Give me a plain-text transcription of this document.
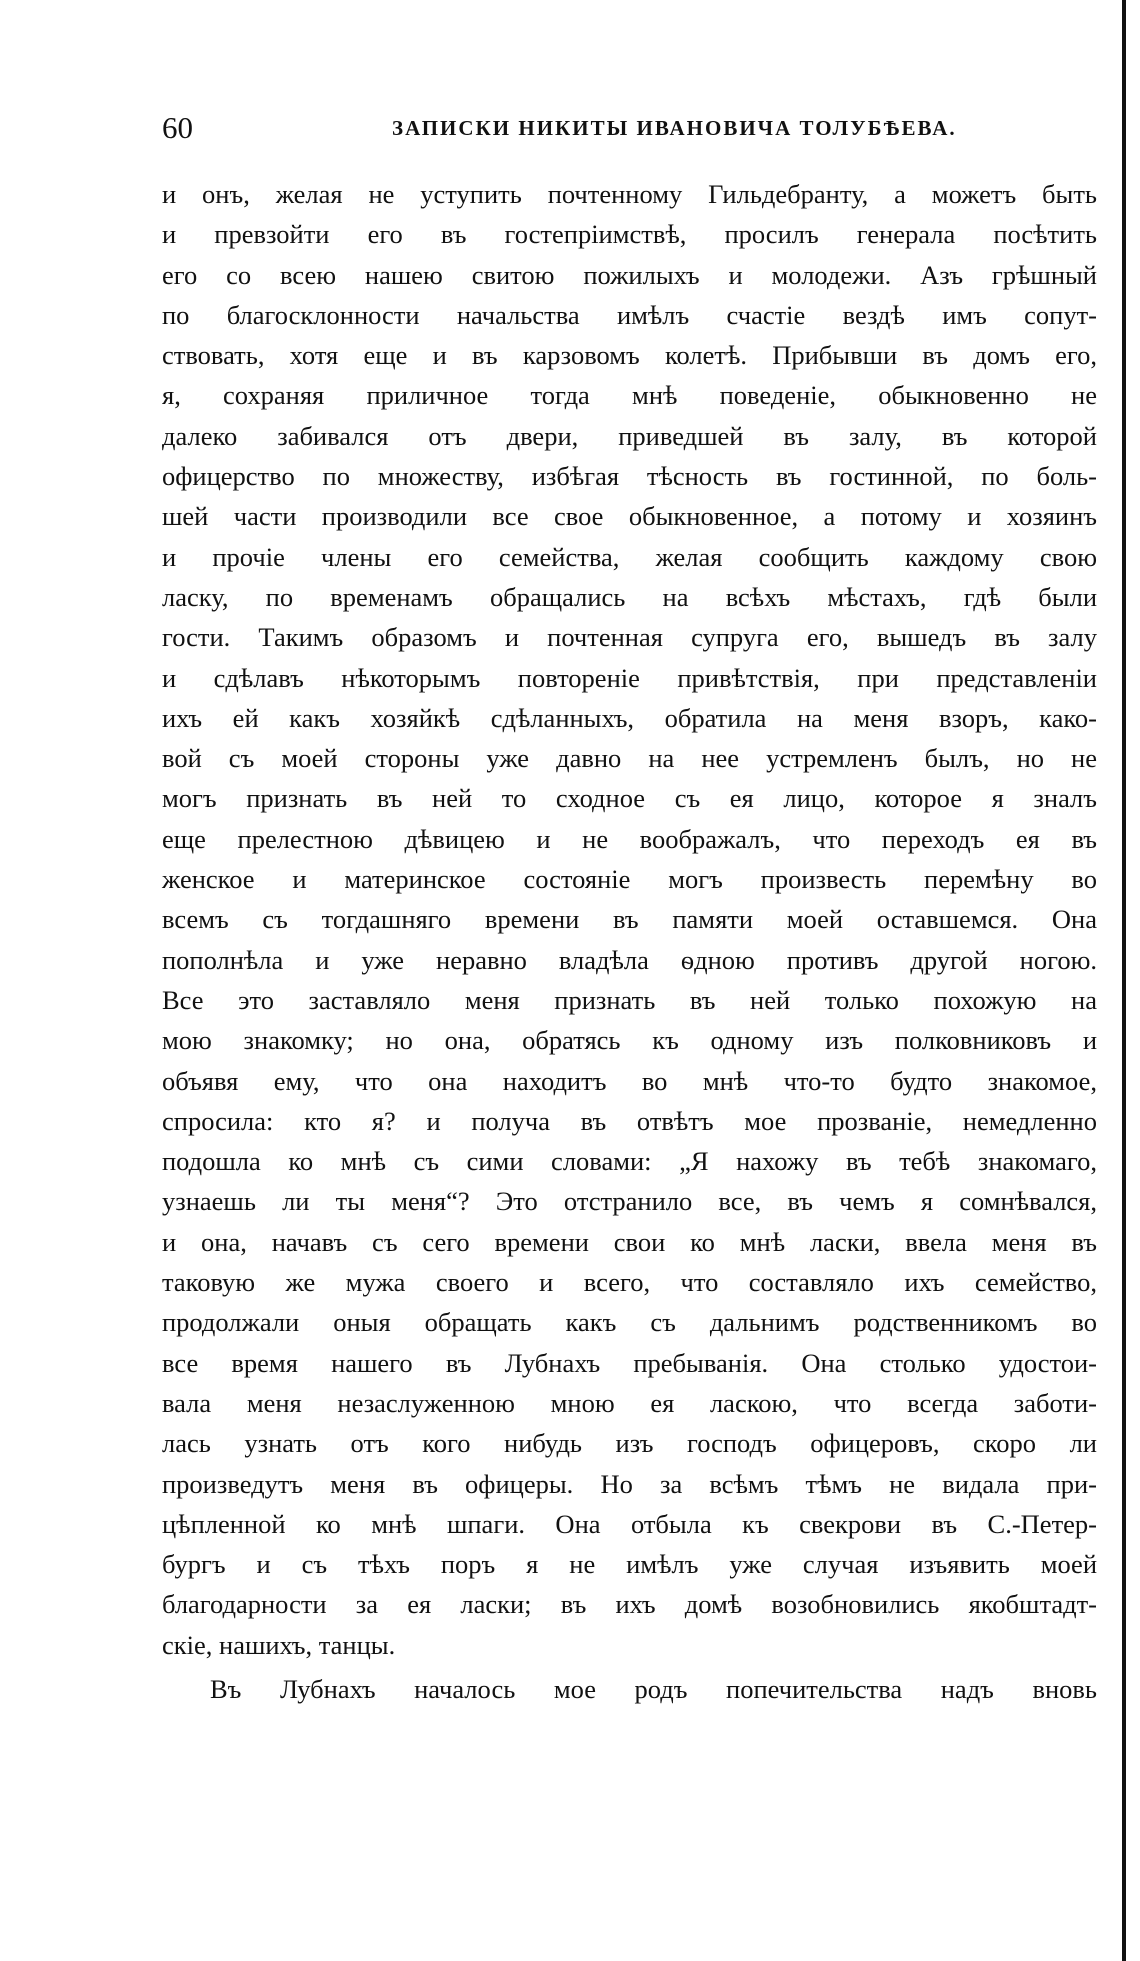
60	ЗАПИСКИ НИКИТЫ ИВАНОВИЧА ТОЛУБѢЕВА.
и онъ, желая не уступить почтенному Гильдебранту, а можетъ быть
и превзойти его въ гостепріимствѣ, просилъ генерала посѣтить
его со всею нашею свитою пожилыхъ и молодежи. Азъ грѣшный
по благосклонности начальства имѣлъ счастіе вездѣ имъ сопут-
ствовать, хотя еще и въ карзовомъ колетѣ. Прибывши въ домъ его,
я, сохраняя приличное тогда мнѣ поведеніе, обыкновенно не
далеко забивался отъ двери, приведшей въ залу, въ которой
офицерство по множеству, избѣгая тѣсность въ гостинной, по боль-
шей части производили все свое обыкновенное, а потому и хозяинъ
и прочіе члены его семейства, желая сообщить каждому свою
ласку, по временамъ обращались на всѣхъ мѣстахъ, гдѣ были
гости. Такимъ образомъ и почтенная супруга его, вышедъ въ залу
и сдѣлавъ нѣкоторымъ повтореніе привѣтствія, при представленіи
ихъ ей какъ хозяйкѣ сдѣланныхъ, обратила на меня взоръ, како-
вой съ моей стороны уже давно на нее устремленъ былъ, но не
могъ признать въ ней то сходное съ ея лицо, которое я зналъ
еще прелестною дѣвицею и не воображалъ, что переходъ ея въ
женское и материнское состояніе могъ произвесть перемѣну во
всемъ съ тогдашняго времени въ памяти моей оставшемся. Она
пополнѣла и уже неравно владѣла ѳдною противъ другой ногою.
Все это заставляло меня признать въ ней только похожую на
мою знакомку; но она, обратясь къ одному изъ полковниковъ и
объявя ему, что она находитъ во мнѣ что-то будто знакомое,
спросила: кто я? и получа въ отвѣтъ мое прозваніе, немедленно
подошла ко мнѣ съ сими словами: „Я нахожу въ тебѣ знакомаго,
узнаешь ли ты меня“? Это отстранило все, въ чемъ я сомнѣвался,
и она, начавъ съ сего времени свои ко мнѣ ласки, ввела меня въ
таковую же мужа своего и всего, что составляло ихъ семейство,
продолжали оныя обращать какъ съ дальнимъ родственникомъ во
все время нашего въ Лубнахъ пребыванія. Она столько удостои-
вала меня незаслуженною мною ея ласкою, что всегда заботи-
лась узнать отъ кого нибудь изъ господъ офицеровъ, скоро ли
произведутъ меня въ офицеры. Но за всѣмъ тѣмъ не видала при-
цѣпленной ко мнѣ шпаги. Она отбыла къ свекрови въ С.-Петер-
бургъ и съ тѣхъ поръ я не имѣлъ уже случая изъявить моей
благодарности за ея ласки; въ ихъ домѣ возобновились якобштадт-
скіе, нашихъ, танцы.
Въ Лубнахъ началось мое родъ попечительства надъ вновь
